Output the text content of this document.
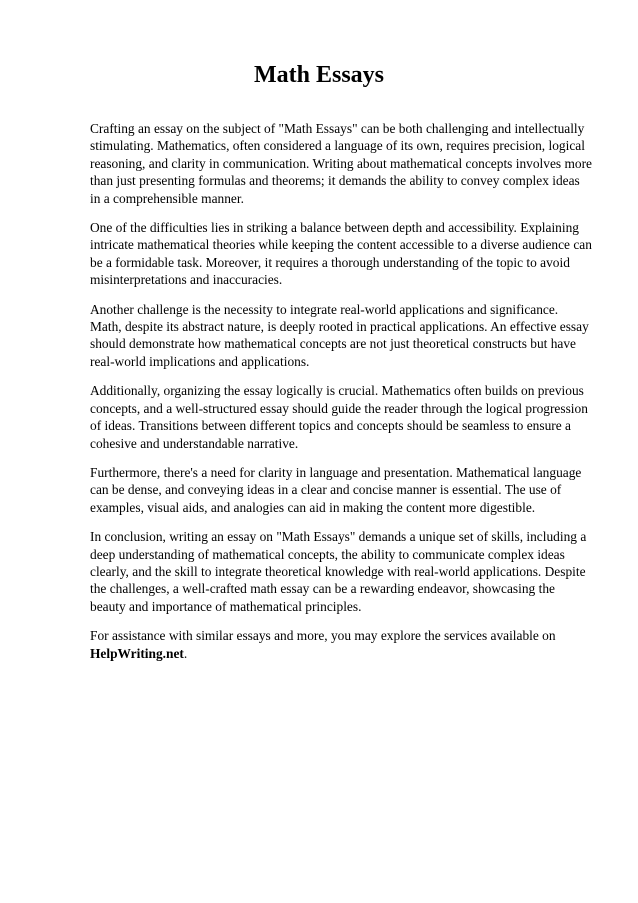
Math Essays

Crafting an essay on the subject of "Math Essays" can be both challenging and intellectually stimulating. Mathematics, often considered a language of its own, requires precision, logical reasoning, and clarity in communication. Writing about mathematical concepts involves more than just presenting formulas and theorems; it demands the ability to convey complex ideas in a comprehensible manner.

One of the difficulties lies in striking a balance between depth and accessibility. Explaining intricate mathematical theories while keeping the content accessible to a diverse audience can be a formidable task. Moreover, it requires a thorough understanding of the topic to avoid misinterpretations and inaccuracies.

Another challenge is the necessity to integrate real-world applications and significance. Math, despite its abstract nature, is deeply rooted in practical applications. An effective essay should demonstrate how mathematical concepts are not just theoretical constructs but have real-world implications and applications.

Additionally, organizing the essay logically is crucial. Mathematics often builds on previous concepts, and a well-structured essay should guide the reader through the logical progression of ideas. Transitions between different topics and concepts should be seamless to ensure a cohesive and understandable narrative.

Furthermore, there's a need for clarity in language and presentation. Mathematical language can be dense, and conveying ideas in a clear and concise manner is essential. The use of examples, visual aids, and analogies can aid in making the content more digestible.

In conclusion, writing an essay on "Math Essays" demands a unique set of skills, including a deep understanding of mathematical concepts, the ability to communicate complex ideas clearly, and the skill to integrate theoretical knowledge with real-world applications. Despite the challenges, a well-crafted math essay can be a rewarding endeavor, showcasing the beauty and importance of mathematical principles.

For assistance with similar essays and more, you may explore the services available on HelpWriting.net.
